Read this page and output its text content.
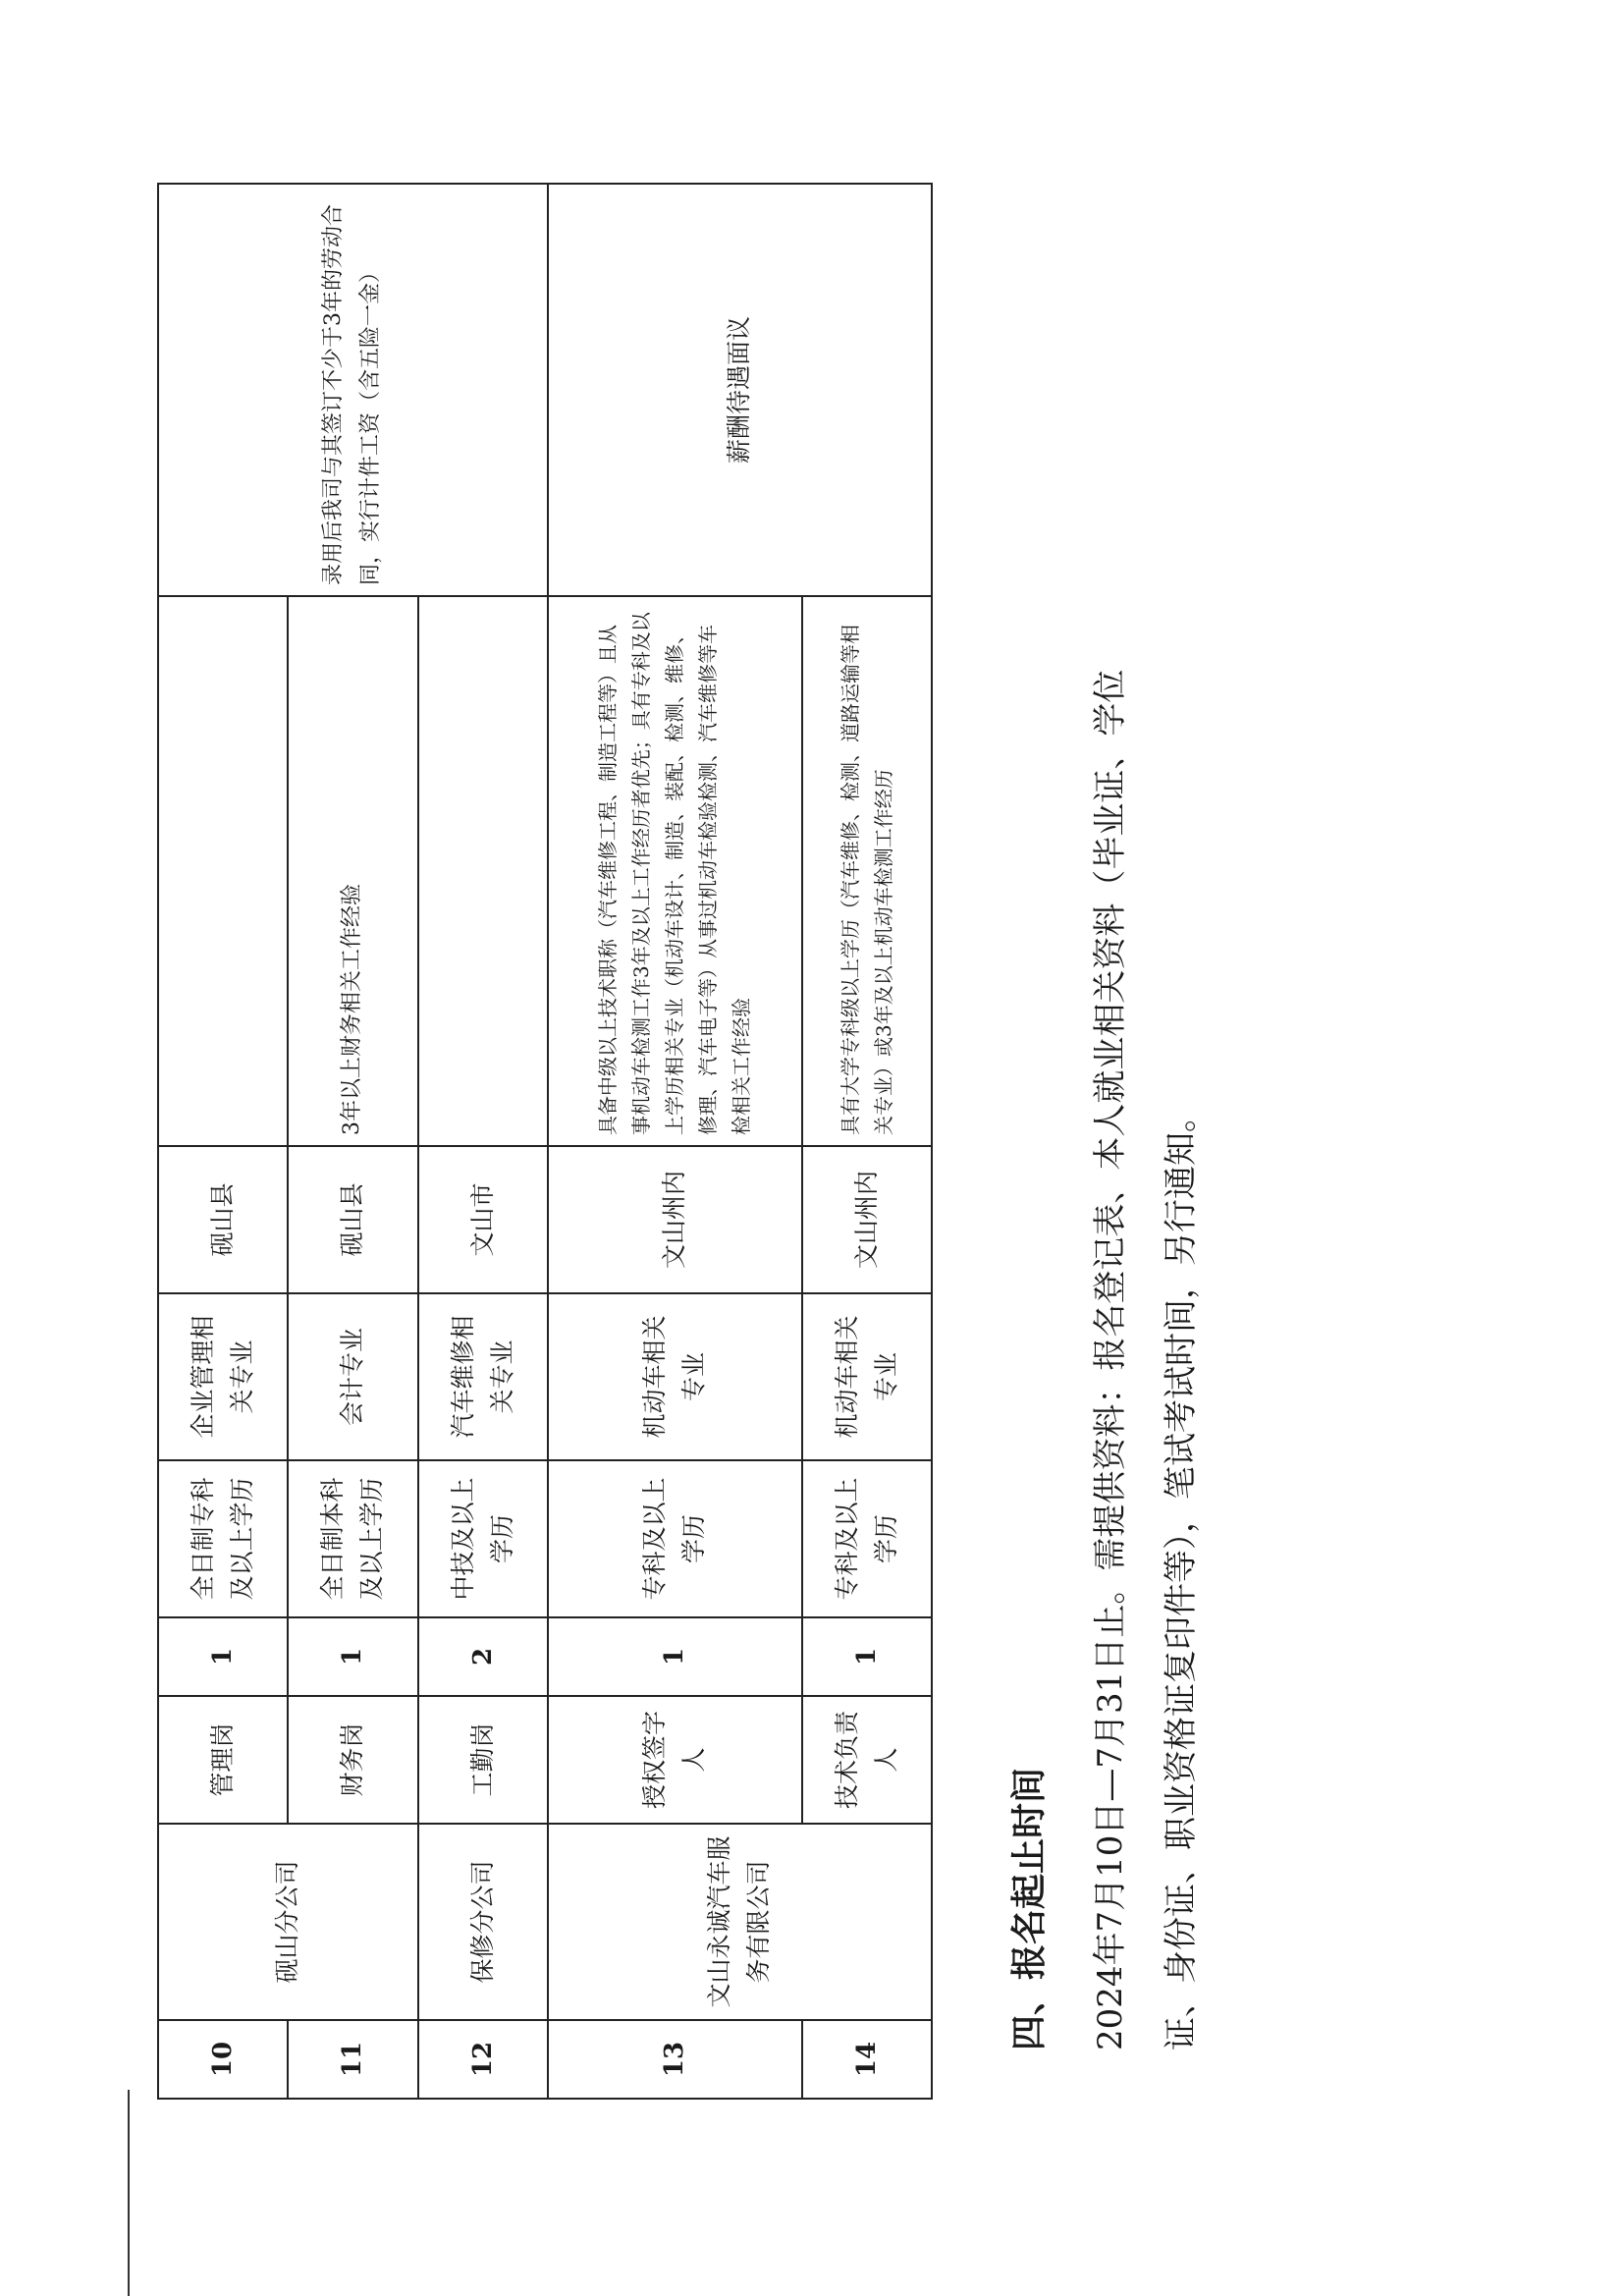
10	砚山分公司	管理岗	1	全日制专科及以上学历	企业管理相关专业	砚山县		录用后我司与其签订不少于3年的劳动合同，实行计件工资（含五险一金）
11		财务岗	1	全日制本科及以上学历	会计专业	砚山县	3年以上财务相关工作经验	
12	保修分公司	工勤岗	2	中技及以上学历	汽车维修相关专业	文山市		
13	文山永诚汽车服务有限公司	授权签字人	1	专科及以上学历	机动车相关专业	文山州内	具备中级以上技术职称（汽车维修工程、制造工程等）且从事机动车检测工作3年及以上工作经历者优先；具有专科及以上学历相关专业（机动车设计、制造、装配、检测、维修、修理、汽车电子等）从事过机动车检验检测、汽车维修等车检相关工作经验	薪酬待遇面议
14		技术负责人	1	专科及以上学历	机动车相关专业	文山州内	具有大学专科级以上学历（汽车维修、检测、道路运输等相关专业）或3年及以上机动车检测工作经历	
四、报名起止时间	2024年7月10日—7月31日止。需提供资料：报名登记表、本人就业相关资料（毕业证、学位 证、身份证、职业资格证复印件等），笔试考试时间，另行通知。
